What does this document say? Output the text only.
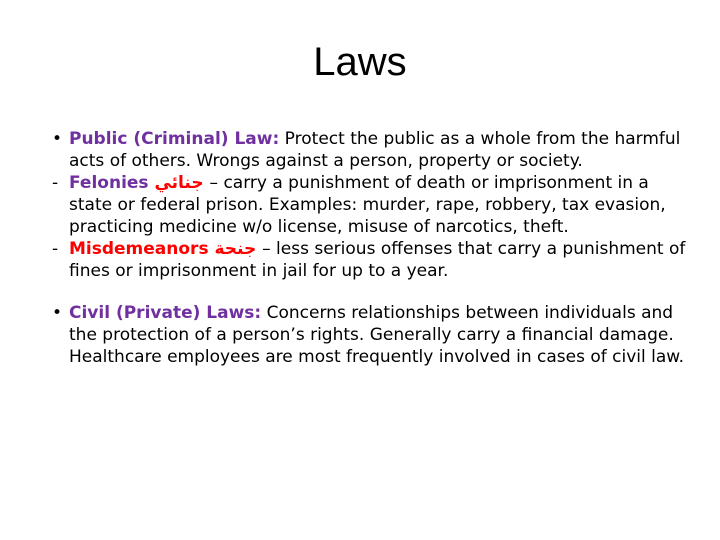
Laws
• Public (Criminal) Law: Protect the public as a whole from the harmful acts of others. Wrongs against a person, property or society.
- Felonies جنائي – carry a punishment of death or imprisonment in a state or federal prison. Examples: murder, rape, robbery, tax evasion, practicing medicine w/o license, misuse of narcotics, theft.
- Misdemeanors جنحة – less serious offenses that carry a punishment of fines or imprisonment in jail for up to a year.
• Civil (Private) Laws: Concerns relationships between individuals and the protection of a person’s rights. Generally carry a financial damage. Healthcare employees are most frequently involved in cases of civil law.
